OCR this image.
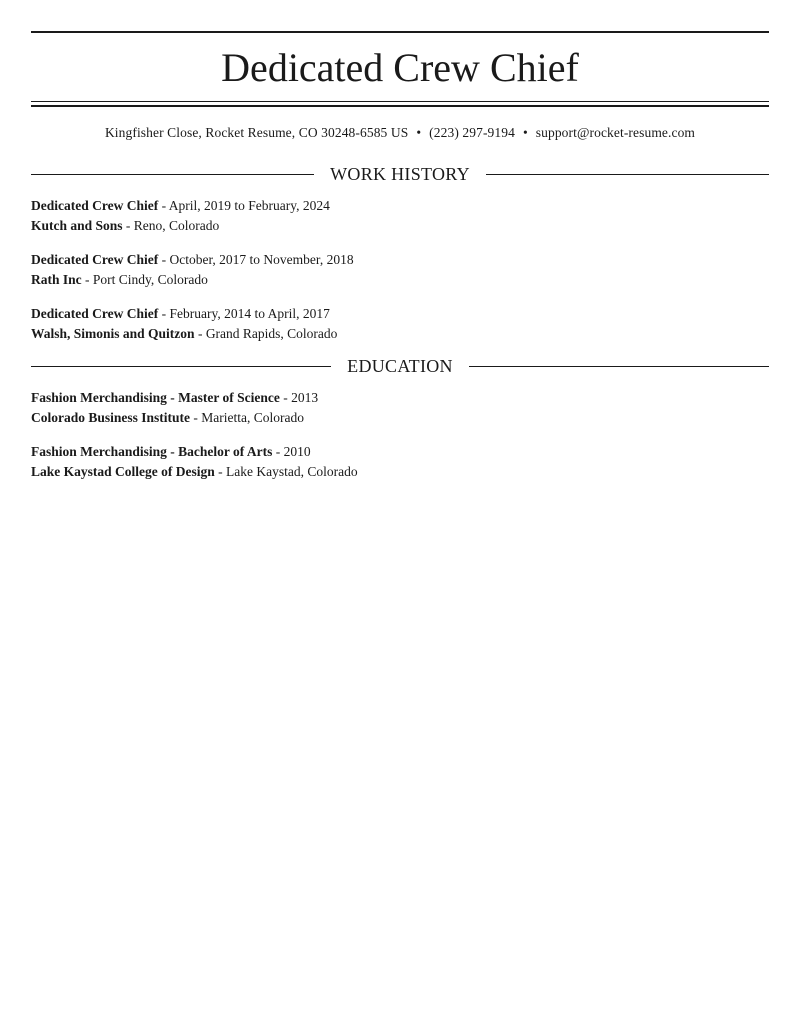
Dedicated Crew Chief
Kingfisher Close, Rocket Resume, CO 30248-6585 US • (223) 297-9194 • support@rocket-resume.com
WORK HISTORY
Dedicated Crew Chief - April, 2019 to February, 2024
Kutch and Sons - Reno, Colorado
Dedicated Crew Chief - October, 2017 to November, 2018
Rath Inc - Port Cindy, Colorado
Dedicated Crew Chief - February, 2014 to April, 2017
Walsh, Simonis and Quitzon - Grand Rapids, Colorado
EDUCATION
Fashion Merchandising - Master of Science - 2013
Colorado Business Institute - Marietta, Colorado
Fashion Merchandising - Bachelor of Arts - 2010
Lake Kaystad College of Design - Lake Kaystad, Colorado
